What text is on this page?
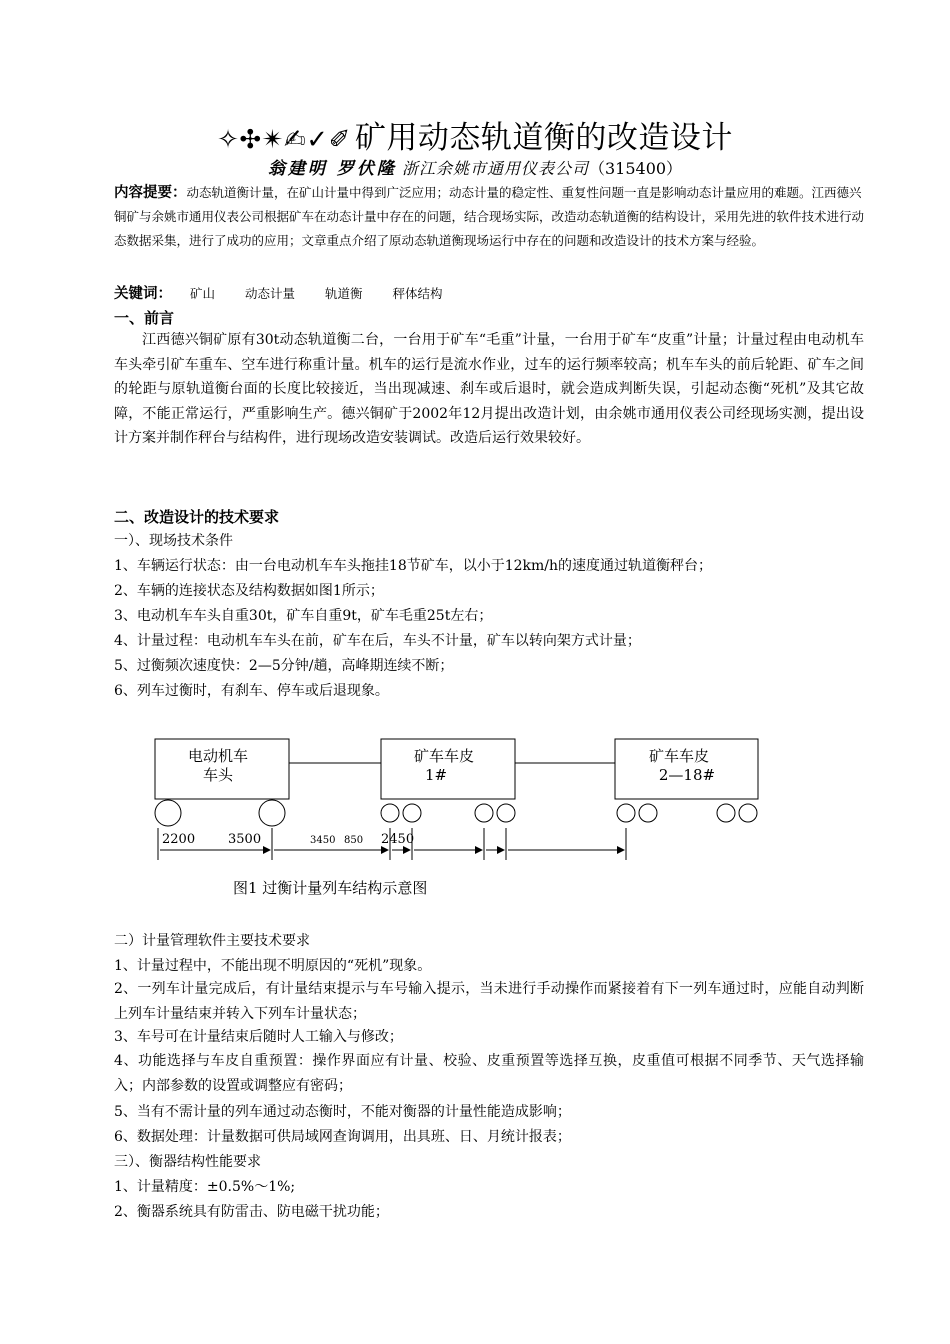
✧✣✴✍✓✐ 矿用动态轨道衡的改造设计
翁建明 罗伏隆 浙江余姚市通用仪表公司（315400）
内容提要：动态轨道衡计量，在矿山计量中得到广泛应用；动态计量的稳定性、重复性问题一直是影响动态计量应用的难题。江西德兴铜矿与余姚市通用仪表公司根据矿车在动态计量中存在的问题，结合现场实际，改造动态轨道衡的结构设计，采用先进的软件技术进行动态数据采集，进行了成功的应用；文章重点介绍了原动态轨道衡现场运行中存在的问题和改造设计的技术方案与经验。
关键词： 矿山 动态计量 轨道衡 秤体结构
一、前言
江西德兴铜矿原有30t动态轨道衡二台，一台用于矿车“毛重”计量，一台用于矿车“皮重”计量；计量过程由电动机车车头牵引矿车重车、空车进行称重计量。机车的运行是流水作业，过车的运行频率较高；机车车头的前后轮距、矿车之间的轮距与原轨道衡台面的长度比较接近，当出现减速、刹车或后退时，就会造成判断失误，引起动态衡“死机”及其它故障，不能正常运行，严重影响生产。德兴铜矿于2002年12月提出改造计划，由余姚市通用仪表公司经现场实测，提出设计方案并制作秤台与结构件，进行现场改造安装调试。改造后运行效果较好。
二、改造设计的技术要求
一）、现场技术条件
1、车辆运行状态：由一台电动机车车头拖挂18节矿车，以小于12km/h的速度通过轨道衡秤台；
2、车辆的连接状态及结构数据如图1所示；
3、电动机车车头自重30t，矿车自重9t，矿车毛重25t左右；
4、计量过程：电动机车车头在前，矿车在后，车头不计量，矿车以转向架方式计量；
5、过衡频次速度快：2—5分钟/趟，高峰期连续不断；
6、列车过衡时，有刹车、停车或后退现象。
电动机车
车头
矿车车皮
1#
矿车车皮
2—18#
2200	3500	3450 850 2450
图1 过衡计量列车结构示意图
二）计量管理软件主要技术要求
1、计量过程中，不能出现不明原因的“死机”现象。
2、一列车计量完成后，有计量结束提示与车号输入提示，当未进行手动操作而紧接着有下一列车通过时，应能自动判断上列车计量结束并转入下列车计量状态；
3、车号可在计量结束后随时人工输入与修改；
4、功能选择与车皮自重预置：操作界面应有计量、校验、皮重预置等选择互换，皮重值可根据不同季节、天气选择输入；内部参数的设置或调整应有密码；
5、当有不需计量的列车通过动态衡时，不能对衡器的计量性能造成影响；
6、数据处理：计量数据可供局域网查询调用，出具班、日、月统计报表；
三）、衡器结构性能要求
1、计量精度：±0.5%～1%;
2、衡器系统具有防雷击、防电磁干扰功能；
